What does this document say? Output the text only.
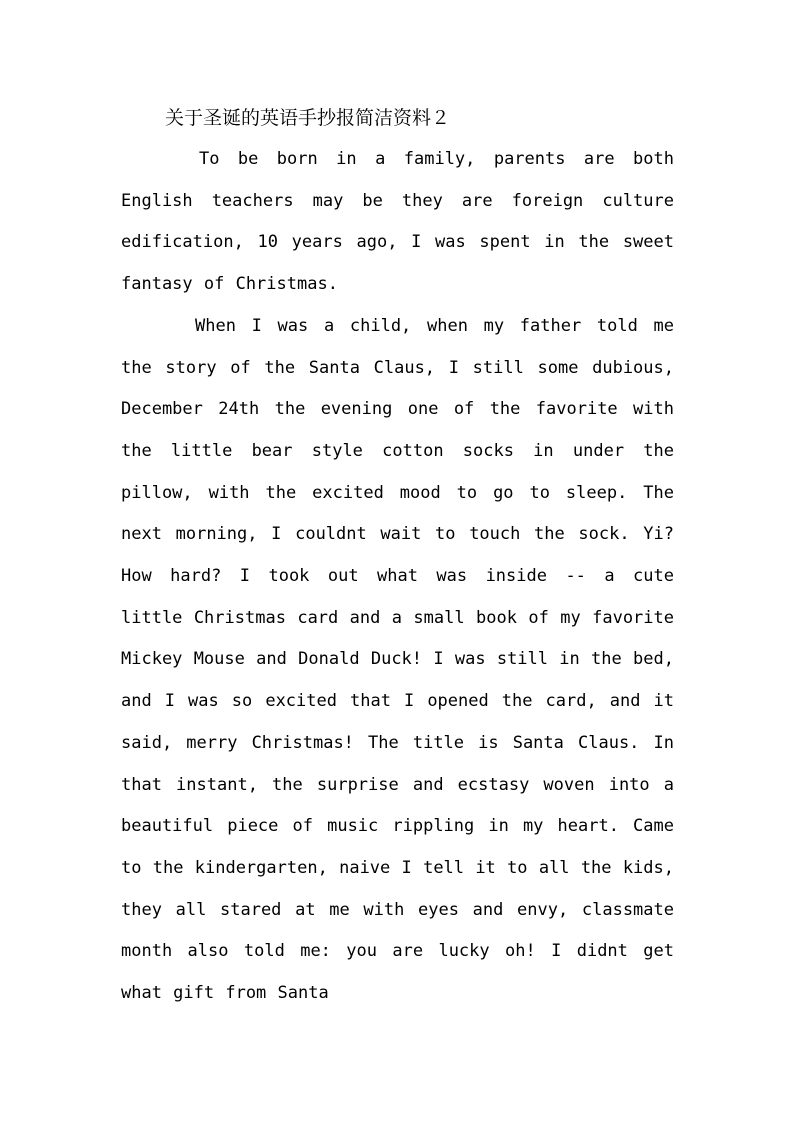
关于圣诞的英语手抄报简洁资料２

To be born in a family, parents are both English teachers may be they are foreign culture edification, 10 years ago, I was spent in the sweet fantasy of Christmas.

When I was a child, when my father told me the story of the Santa Claus, I still some dubious, December 24th the evening one of the favorite with the little bear style cotton socks in under the pillow, with the excited mood to go to sleep. The next morning, I couldnt wait to touch the sock. Yi? How hard? I took out what was inside -- a cute little Christmas card and a small book of my favorite Mickey Mouse and Donald Duck! I was still in the bed, and I was so excited that I opened the card, and it said, merry Christmas! The title is Santa Claus. In that instant, the surprise and ecstasy woven into a beautiful piece of music rippling in my heart. Came to the kindergarten, naive I tell it to all the kids, they all stared at me with eyes and envy, classmate month also told me: you are lucky oh! I didnt get what gift from Santa
